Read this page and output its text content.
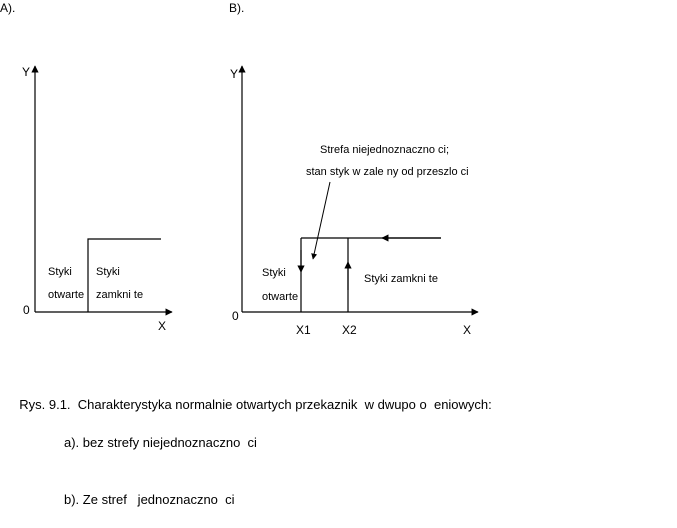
A).
Y
X
0
Styki
otwarte
Styki
zamkni te
B).
Y
X
0
X1	X2
Styki
otwarte
Styki zamkni te
Strefa niejednoznaczno ci;
stan styk w zale ny od przeszlo ci

Rys. 9.1.  Charakterystyka normalnie otwartych przekaznik  w dwupo o  eniowych:

a). bez strefy niejednoznaczno  ci

b). Ze stref   jednoznaczno  ci
